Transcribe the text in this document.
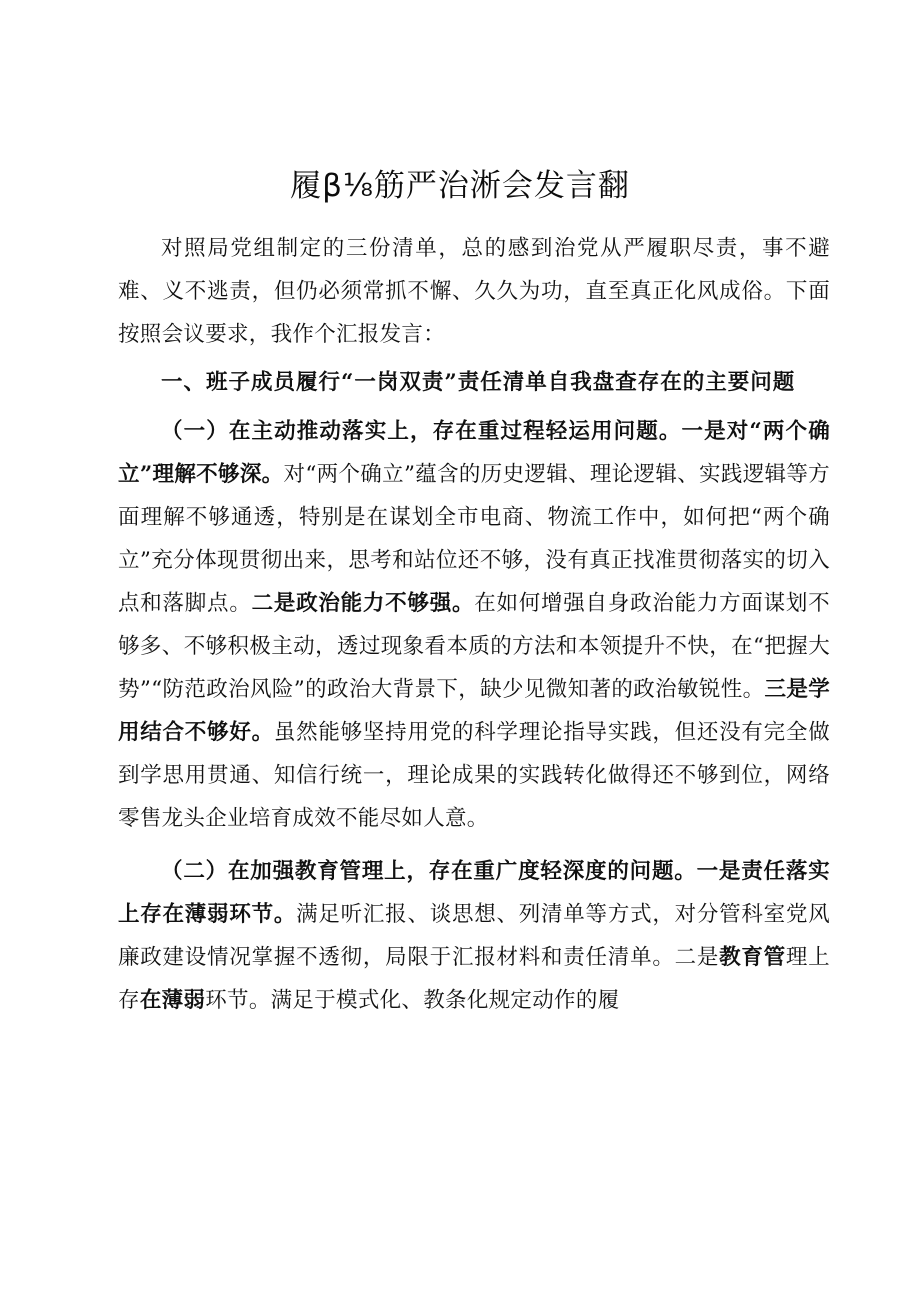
履β⅛筋严治淅会发言翻

对照局党组制定的三份清单，总的感到治党从严履职尽责，事不避难、义不逃责，但仍必须常抓不懈、久久为功，直至真正化风成俗。下面按照会议要求，我作个汇报发言：

一、班子成员履行“一岗双责”责任清单自我盘查存在的主要问题

（一）在主动推动落实上，存在重过程轻运用问题。一是对“两个确立”理解不够深。对“两个确立”蕴含的历史逻辑、理论逻辑、实践逻辑等方面理解不够通透，特别是在谋划全市电商、物流工作中，如何把“两个确立”充分体现贯彻出来，思考和站位还不够，没有真正找准贯彻落实的切入点和落脚点。二是政治能力不够强。在如何增强自身政治能力方面谋划不够多、不够积极主动，透过现象看本质的方法和本领提升不快，在“把握大势”“防范政治风险”的政治大背景下，缺少见微知著的政治敏锐性。三是学用结合不够好。虽然能够坚持用党的科学理论指导实践，但还没有完全做到学思用贯通、知信行统一，理论成果的实践转化做得还不够到位，网络零售龙头企业培育成效不能尽如人意。

（二）在加强教育管理上，存在重广度轻深度的问题。一是责任落实上存在薄弱环节。满足听汇报、谈思想、列清单等方式，对分管科室党风廉政建设情况掌握不透彻，局限于汇报材料和责任清单。二是教育管理上存在薄弱环节。满足于模式化、教条化规定动作的履
